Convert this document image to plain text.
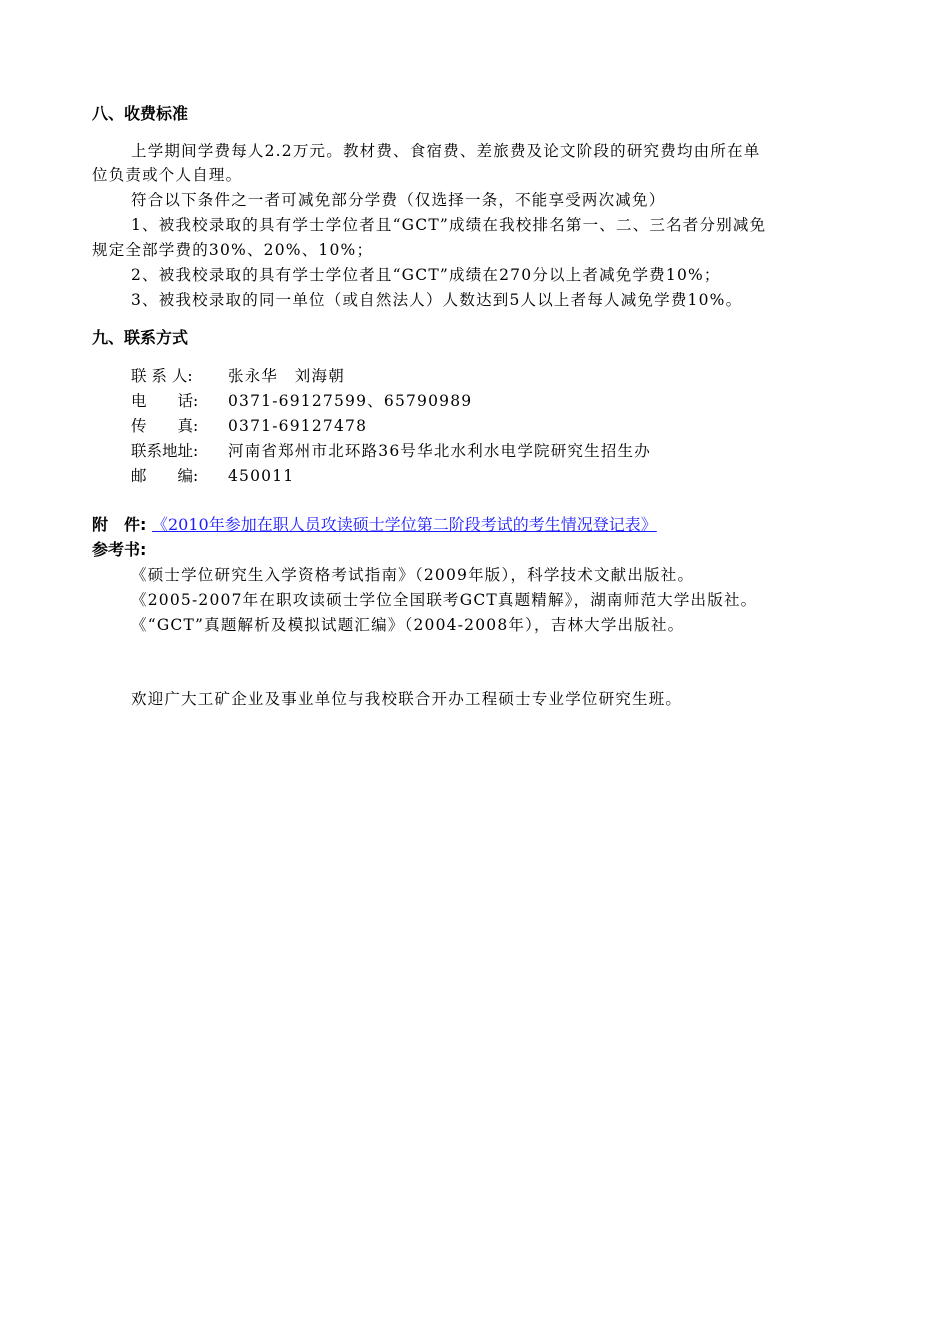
八、收费标准
上学期间学费每人2.2万元。教材费、食宿费、差旅费及论文阶段的研究费均由所在单
位负责或个人自理。
符合以下条件之一者可减免部分学费（仅选择一条，不能享受两次减免）
1、被我校录取的具有学士学位者且“GCT”成绩在我校排名第一、二、三名者分别减免
规定全部学费的30%、20%、10%；
2、被我校录取的具有学士学位者且“GCT”成绩在270分以上者减免学费10%；
3、被我校录取的同一单位（或自然法人）人数达到5人以上者每人减免学费10%。
九、联系方式
联 系 人: 张永华　刘海朝
电　　话: 0371-69127599、65790989
传　　真: 0371-69127478
联系地址: 河南省郑州市北环路36号华北水利水电学院研究生招生办
邮　　编: 450011
附　件: 《2010年参加在职人员攻读硕士学位第二阶段考试的考生情况登记表》
参考书:
《硕士学位研究生入学资格考试指南》（2009年版），科学技术文献出版社。
《2005-2007年在职攻读硕士学位全国联考GCT真题精解》，湖南师范大学出版社。
《“GCT”真题解析及模拟试题汇编》（2004-2008年），吉林大学出版社。
欢迎广大工矿企业及事业单位与我校联合开办工程硕士专业学位研究生班。
